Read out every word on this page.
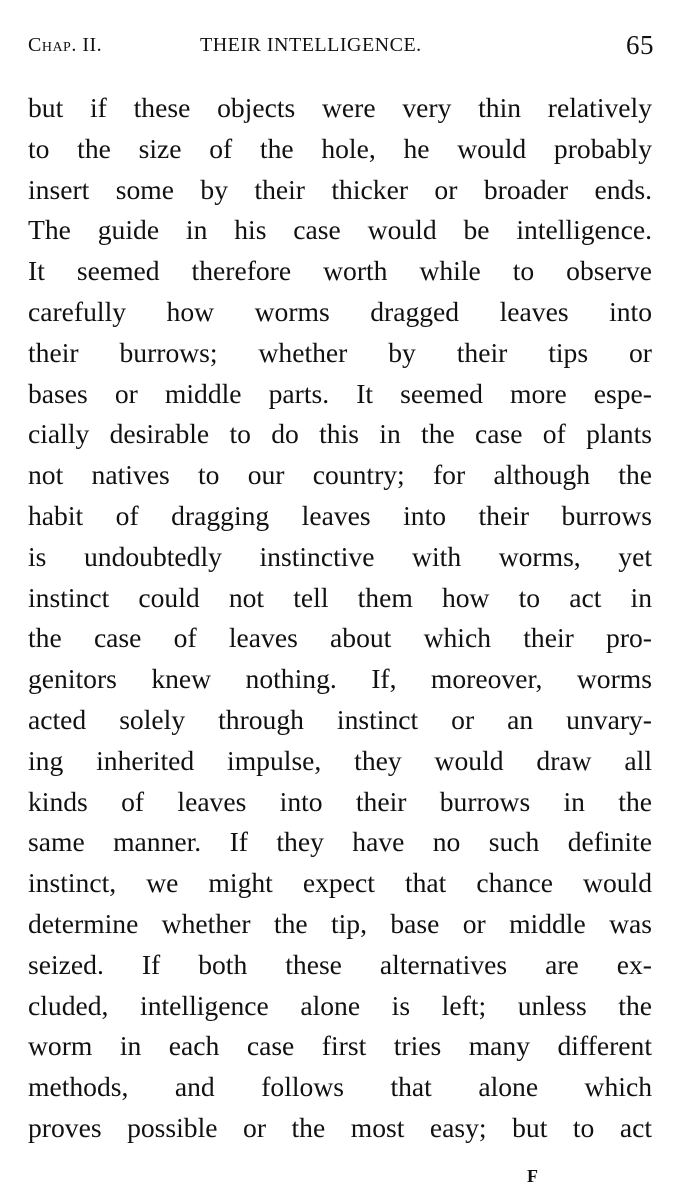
Chap. II.	THEIR INTELLIGENCE.	65
but if these objects were very thin relatively
to the size of the hole, he would probably
insert some by their thicker or broader ends.
The guide in his case would be intelligence.
It seemed therefore worth while to observe
carefully how worms dragged leaves into
their burrows; whether by their tips or
bases or middle parts. It seemed more espe-
cially desirable to do this in the case of plants
not natives to our country; for although the
habit of dragging leaves into their burrows
is undoubtedly instinctive with worms, yet
instinct could not tell them how to act in
the case of leaves about which their pro-
genitors knew nothing. If, moreover, worms
acted solely through instinct or an unvary-
ing inherited impulse, they would draw all
kinds of leaves into their burrows in the
same manner. If they have no such definite
instinct, we might expect that chance would
determine whether the tip, base or middle was
seized. If both these alternatives are ex-
cluded, intelligence alone is left; unless the
worm in each case first tries many different
methods, and follows that alone which
proves possible or the most easy; but to act
F
